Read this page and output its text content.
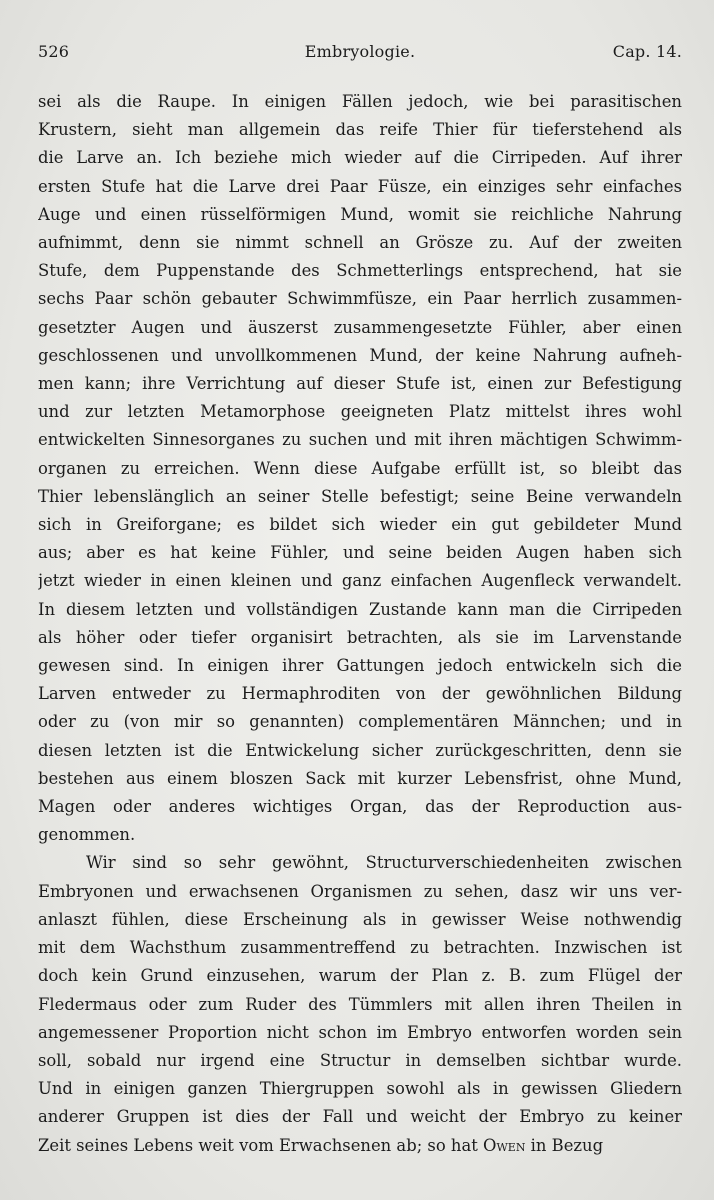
526	Embryologie.	Cap. 14.
sei als die Raupe. In einigen Fällen jedoch, wie bei parasitischen
Krustern, sieht man allgemein das reife Thier für tieferstehend als
die Larve an. Ich beziehe mich wieder auf die Cirripeden. Auf ihrer
ersten Stufe hat die Larve drei Paar Füsze, ein einziges sehr einfaches
Auge und einen rüsselförmigen Mund, womit sie reichliche Nahrung
aufnimmt, denn sie nimmt schnell an Grösze zu. Auf der zweiten
Stufe, dem Puppenstande des Schmetterlings entsprechend, hat sie
sechs Paar schön gebauter Schwimmfüsze, ein Paar herrlich zusammen-
gesetzter Augen und äuszerst zusammengesetzte Fühler, aber einen
geschlossenen und unvollkommenen Mund, der keine Nahrung aufneh-
men kann; ihre Verrichtung auf dieser Stufe ist, einen zur Befestigung
und zur letzten Metamorphose geeigneten Platz mittelst ihres wohl
entwickelten Sinnesorganes zu suchen und mit ihren mächtigen Schwimm-
organen zu erreichen. Wenn diese Aufgabe erfüllt ist, so bleibt das
Thier lebenslänglich an seiner Stelle befestigt; seine Beine verwandeln
sich in Greiforgane; es bildet sich wieder ein gut gebildeter Mund
aus; aber es hat keine Fühler, und seine beiden Augen haben sich
jetzt wieder in einen kleinen und ganz einfachen Augenfleck verwandelt.
In diesem letzten und vollständigen Zustande kann man die Cirripeden
als höher oder tiefer organisirt betrachten, als sie im Larvenstande
gewesen sind. In einigen ihrer Gattungen jedoch entwickeln sich die
Larven entweder zu Hermaphroditen von der gewöhnlichen Bildung
oder zu (von mir so genannten) complementären Männchen; und in
diesen letzten ist die Entwickelung sicher zurückgeschritten, denn sie
bestehen aus einem bloszen Sack mit kurzer Lebensfrist, ohne Mund,
Magen oder anderes wichtiges Organ, das der Reproduction aus-
genommen.
Wir sind so sehr gewöhnt, Structurverschiedenheiten zwischen
Embryonen und erwachsenen Organismen zu sehen, dasz wir uns ver-
anlaszt fühlen, diese Erscheinung als in gewisser Weise nothwendig
mit dem Wachsthum zusammentreffend zu betrachten. Inzwischen ist
doch kein Grund einzusehen, warum der Plan z. B. zum Flügel der
Fledermaus oder zum Ruder des Tümmlers mit allen ihren Theilen in
angemessener Proportion nicht schon im Embryo entworfen worden sein
soll, sobald nur irgend eine Structur in demselben sichtbar wurde.
Und in einigen ganzen Thiergruppen sowohl als in gewissen Gliedern
anderer Gruppen ist dies der Fall und weicht der Embryo zu keiner
Zeit seines Lebens weit vom Erwachsenen ab; so hat Owen in Bezug
